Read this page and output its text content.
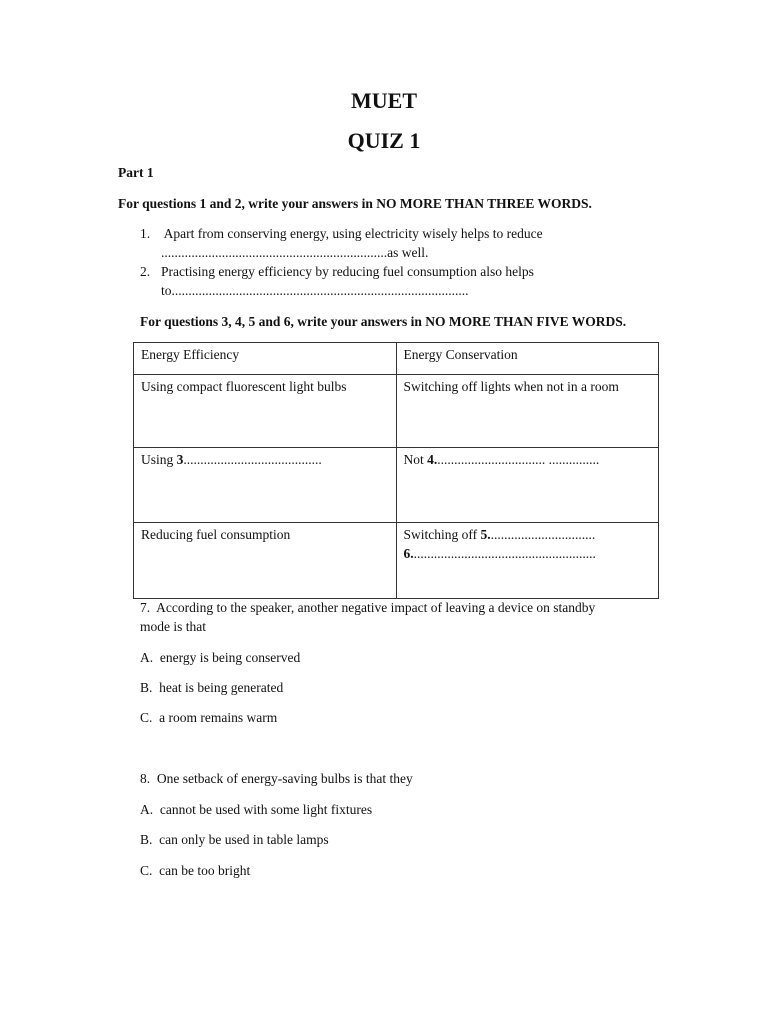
MUET
QUIZ 1
Part 1
For questions 1 and 2, write your answers in NO MORE THAN THREE WORDS.
1. Apart from conserving energy, using electricity wisely helps to reduce
...................................................................as well.
2. Practising energy efficiency by reducing fuel consumption also helps
to........................................................................................
For questions 3, 4, 5 and 6, write your answers in NO MORE THAN FIVE WORDS.
Energy Efficiency	Energy Conservation
Using compact fluorescent light bulbs	Switching off lights when not in a room
Using 3.........................................	Not 4................................. ...............
Reducing fuel consumption	Switching off 5................................
6.......................................................
7.  According to the speaker, another negative impact of leaving a device on standby
mode is that
A.  energy is being conserved
B.  heat is being generated
C.  a room remains warm
8.  One setback of energy-saving bulbs is that they
A.  cannot be used with some light fixtures
B.  can only be used in table lamps
C.  can be too bright
